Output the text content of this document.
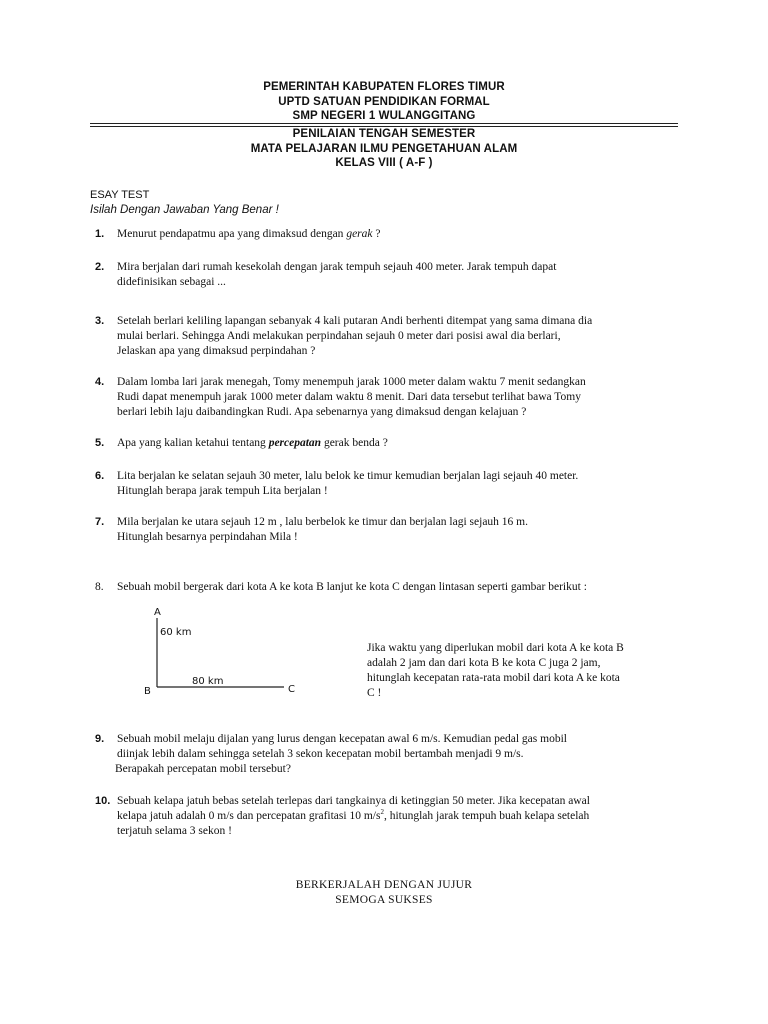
PEMERINTAH KABUPATEN FLORES TIMUR
UPTD SATUAN PENDIDIKAN FORMAL
SMP NEGERI 1 WULANGGITANG
PENILAIAN TENGAH SEMESTER
MATA PELAJARAN ILMU PENGETAHUAN ALAM
KELAS VIII ( A-F )
ESAY TEST
Isilah Dengan Jawaban Yang Benar !
1. Menurut pendapatmu apa yang dimaksud dengan gerak ?
2. Mira berjalan dari rumah kesekolah dengan jarak tempuh sejauh 400 meter. Jarak tempuh dapat
didefinisikan sebagai ...
3. Setelah berlari keliling lapangan sebanyak 4 kali putaran Andi berhenti ditempat yang sama dimana dia
mulai berlari. Sehingga Andi melakukan perpindahan sejauh 0 meter dari posisi awal dia berlari,
Jelaskan apa yang dimaksud perpindahan ?
4. Dalam lomba lari jarak menegah, Tomy menempuh jarak 1000 meter dalam waktu 7 menit sedangkan
Rudi dapat menempuh jarak 1000 meter dalam waktu 8 menit. Dari data tersebut terlihat bawa Tomy
berlari lebih laju daibandingkan Rudi. Apa sebenarnya yang dimaksud dengan kelajuan ?
5. Apa yang kalian ketahui tentang percepatan gerak benda ?
6. Lita berjalan ke selatan sejauh 30 meter, lalu belok ke timur kemudian berjalan lagi sejauh 40 meter.
Hitunglah berapa jarak tempuh Lita berjalan !
7. Mila berjalan ke utara sejauh 12 m , lalu berbelok ke timur dan berjalan lagi sejauh 16 m.
Hitunglah besarnya perpindahan Mila !
8. Sebuah mobil bergerak dari kota A ke kota B lanjut ke kota C dengan lintasan seperti gambar berikut :
A
B	C
60 km
80 km
Jika waktu yang diperlukan mobil dari kota A ke kota B
adalah 2 jam dan dari kota B ke kota C juga 2 jam,
hitunglah kecepatan rata-rata mobil dari kota A ke kota
C !
9. Sebuah mobil melaju dijalan yang lurus dengan kecepatan awal 6 m/s. Kemudian pedal gas mobil
diinjak lebih dalam sehingga setelah 3 sekon kecepatan mobil bertambah menjadi 9 m/s.
Berapakah percepatan mobil tersebut?
10. Sebuah kelapa jatuh bebas setelah terlepas dari tangkainya di ketinggian 50 meter. Jika kecepatan awal
kelapa jatuh adalah 0 m/s dan percepatan grafitasi 10 $m/s^2$, hitunglah jarak tempuh buah kelapa setelah
terjatuh selama 3 sekon !
BERKERJALAH DENGAN JUJUR
SEMOGA SUKSES
